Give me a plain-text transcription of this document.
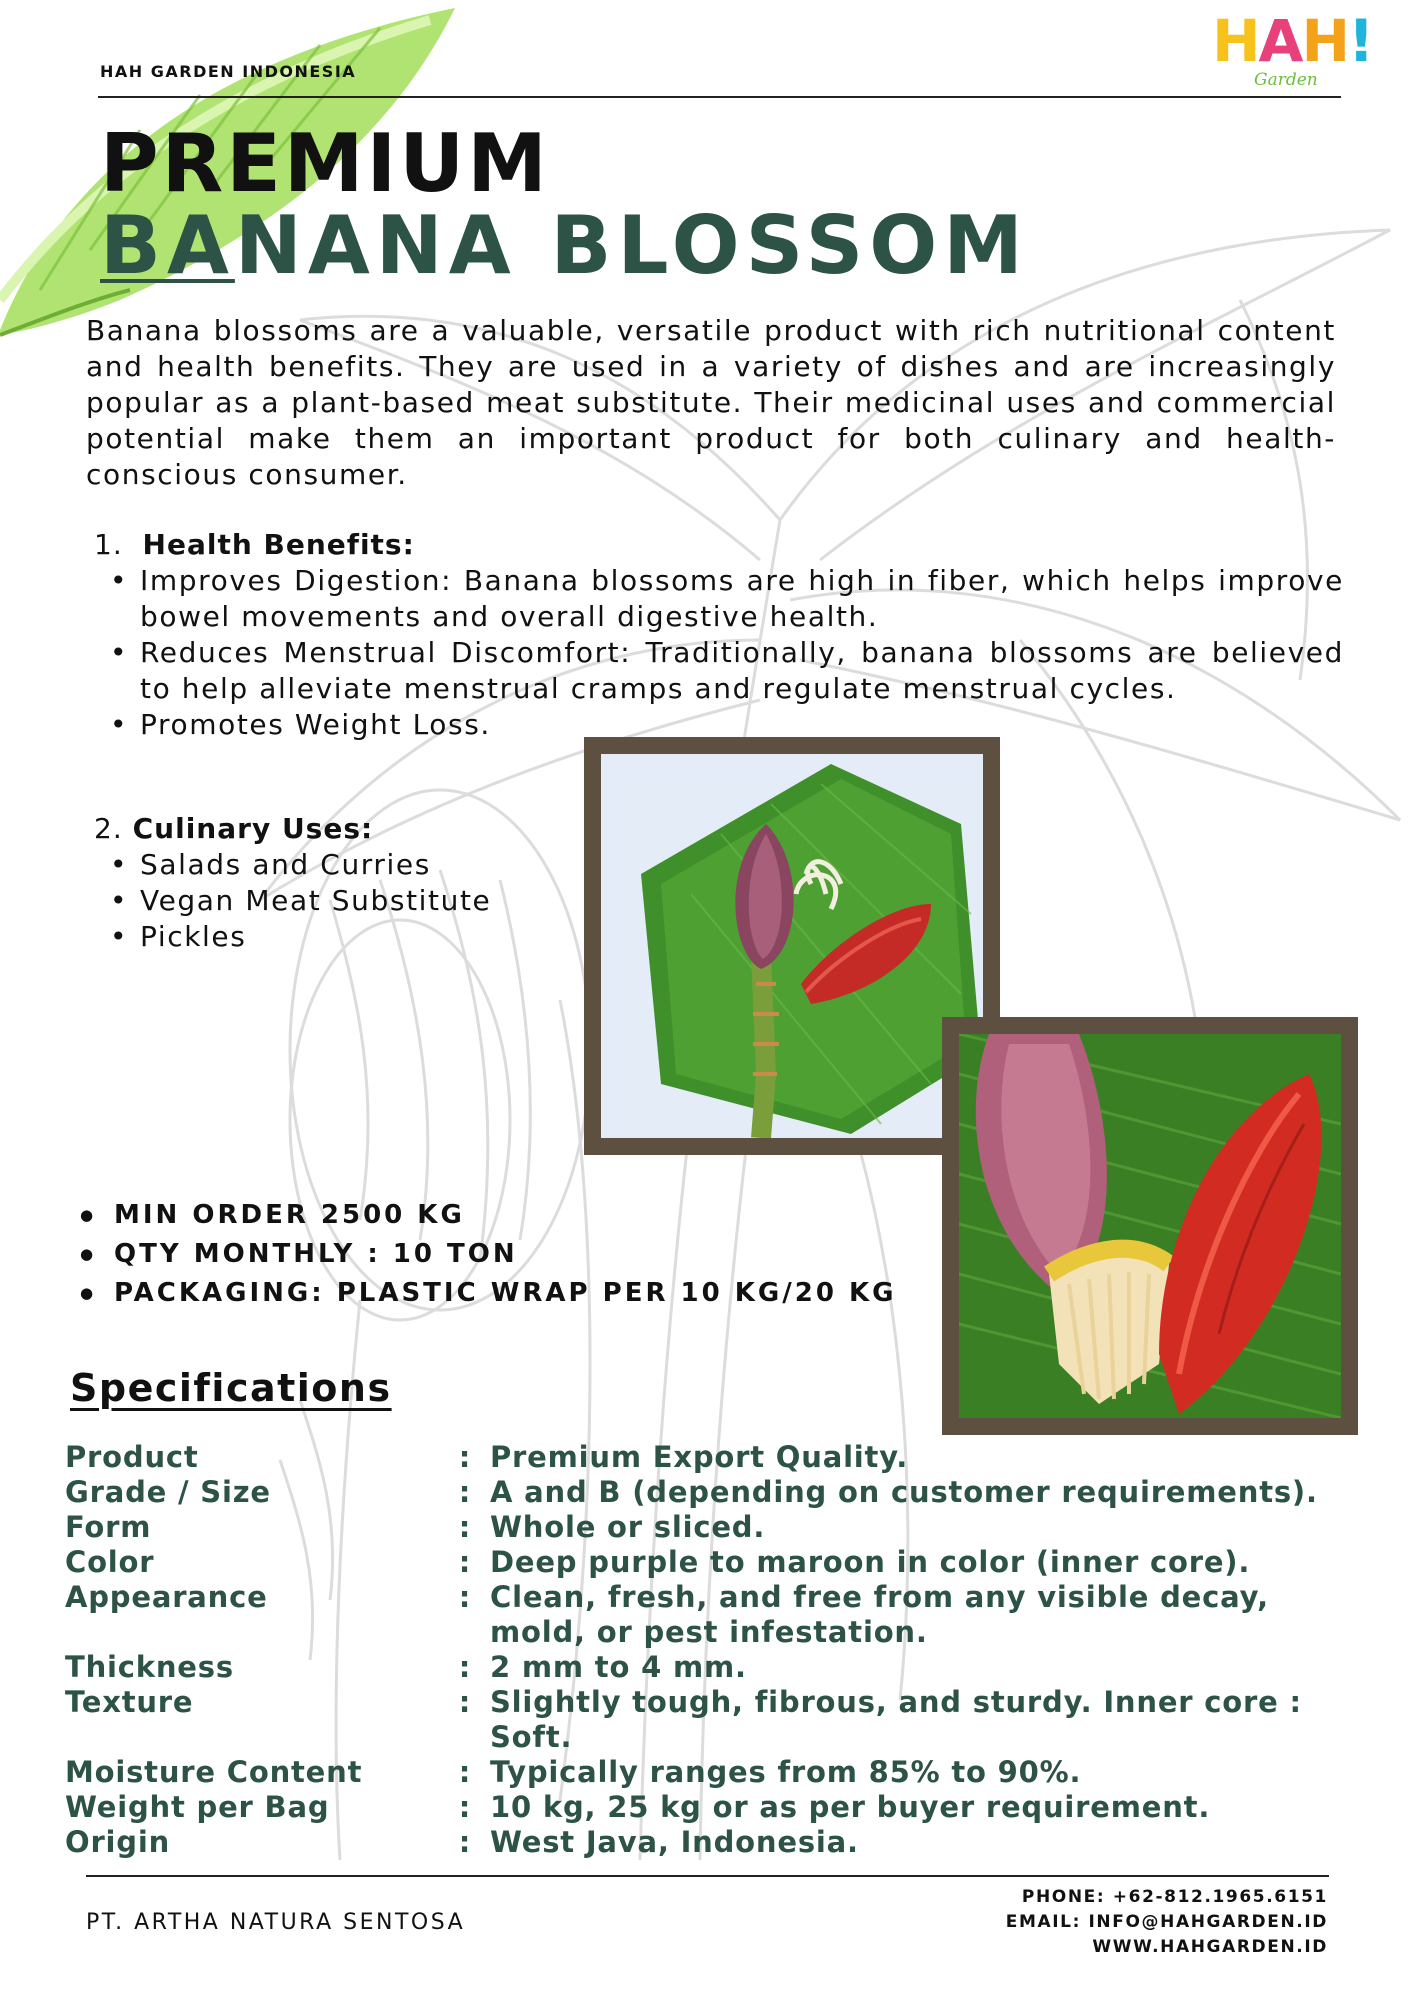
HAH GARDEN INDONESIA	HAH!
Garden
PREMIUM
BANANA BLOSSOM
Banana blossoms are a valuable, versatile product with rich nutritional content and health benefits. They are used in a variety of dishes and are increasingly popular as a plant-based meat substitute. Their medicinal uses and commercial potential make them an important product for both culinary and health-conscious consumer.
1. Health Benefits:
• Improves Digestion: Banana blossoms are high in fiber, which helps improve bowel movements and overall digestive health.
• Reduces Menstrual Discomfort: Traditionally, banana blossoms are believed to help alleviate menstrual cramps and regulate menstrual cycles.
• Promotes Weight Loss.
2. Culinary Uses:
• Salads and Curries
• Vegan Meat Substitute
• Pickles
● MIN ORDER 2500 KG
● QTY MONTHLY : 10 TON
● PACKAGING: PLASTIC WRAP PER 10 KG/20 KG
Specifications
Product	:	Premium Export Quality.
Grade / Size	:	A and B (depending on customer requirements).
Form	:	Whole or sliced.
Color	:	Deep purple to maroon in color (inner core).
Appearance	:	Clean, fresh, and free from any visible decay, mold, or pest infestation.
Thickness	:	2 mm to 4 mm.
Texture	:	Slightly tough, fibrous, and sturdy. Inner core : Soft.
Moisture Content	:	Typically ranges from 85% to 90%.
Weight per Bag	:	10 kg, 25 kg or as per buyer requirement.
Origin	:	West Java, Indonesia.
PT. ARTHA NATURA SENTOSA
PHONE: +62-812.1965.6151
EMAIL: INFO@HAHGARDEN.ID
WWW.HAHGARDEN.ID
